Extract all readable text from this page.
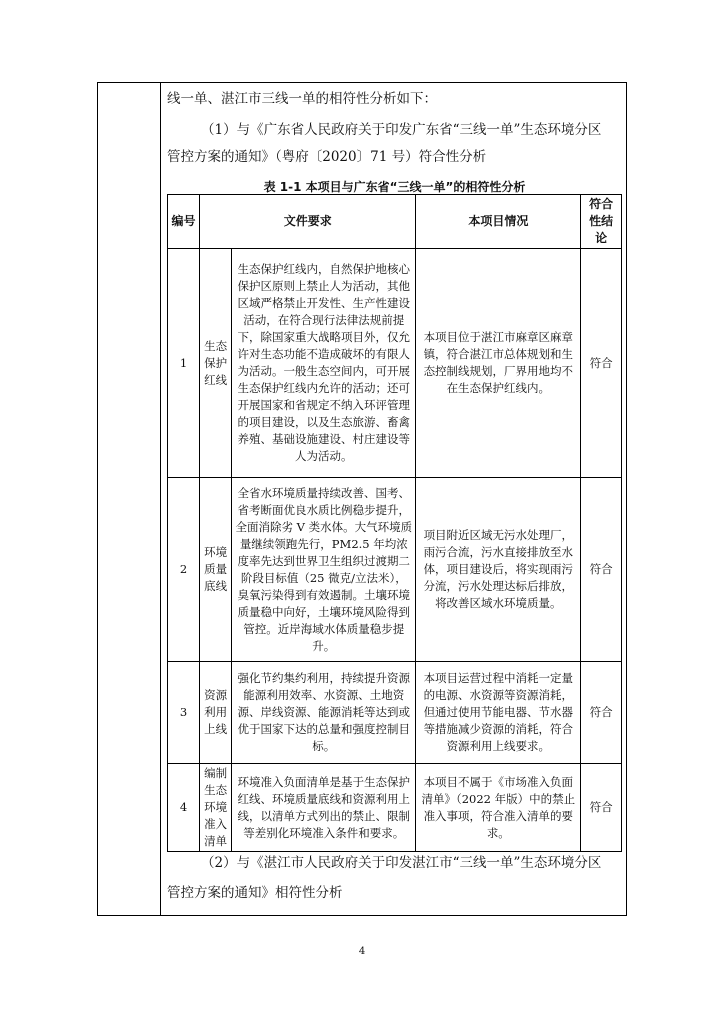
线一单、湛江市三线一单的相符性分析如下：
（1）与《广东省人民政府关于印发广东省“三线一单”生态环境分区
管控方案的通知》（粤府〔2020〕71 号）符合性分析
表 1-1 本项目与广东省“三线一单”的相符性分析
编号	文件要求		本项目情况	符合性结论
1	生态保护红线	生态保护红线内，自然保护地核心保护区原则上禁止人为活动，其他区域严格禁止开发性、生产性建设活动，在符合现行法律法规前提下，除国家重大战略项目外，仅允许对生态功能不造成破坏的有限人为活动。一般生态空间内，可开展生态保护红线内允许的活动；还可开展国家和省规定不纳入环评管理的项目建设，以及生态旅游、畜禽养殖、基础设施建设、村庄建设等人为活动。	本项目位于湛江市麻章区麻章镇，符合湛江市总体规划和生态控制线规划，厂界用地均不在生态保护红线内。	符合
2	环境质量底线	全省水环境质量持续改善、国考、省考断面优良水质比例稳步提升，全面消除劣 V 类水体。大气环境质量继续领跑先行，PM2.5 年均浓度率先达到世界卫生组织过渡期二阶段目标值（25 微克/立法米），臭氧污染得到有效遏制。土壤环境质量稳中向好，土壤环境风险得到管控。近岸海域水体质量稳步提升。	项目附近区域无污水处理厂，雨污合流，污水直接排放至水体，项目建设后，将实现雨污分流，污水处理达标后排放，将改善区域水环境质量。	符合
3	资源利用上线	强化节约集约利用，持续提升资源能源利用效率、水资源、土地资源、岸线资源、能源消耗等达到或优于国家下达的总量和强度控制目标。	本项目运营过程中消耗一定量的电源、水资源等资源消耗，但通过使用节能电器、节水器等措施减少资源的消耗，符合资源利用上线要求。	符合
4	编制生态环境准入清单	环境准入负面清单是基于生态保护红线、环境质量底线和资源利用上线，以清单方式列出的禁止、限制等差别化环境准入条件和要求。	本项目不属于《市场准入负面清单》（2022 年版）中的禁止准入事项，符合准入清单的要求。	符合
（2）与《湛江市人民政府关于印发湛江市“三线一单”生态环境分区
管控方案的通知》相符性分析
4
